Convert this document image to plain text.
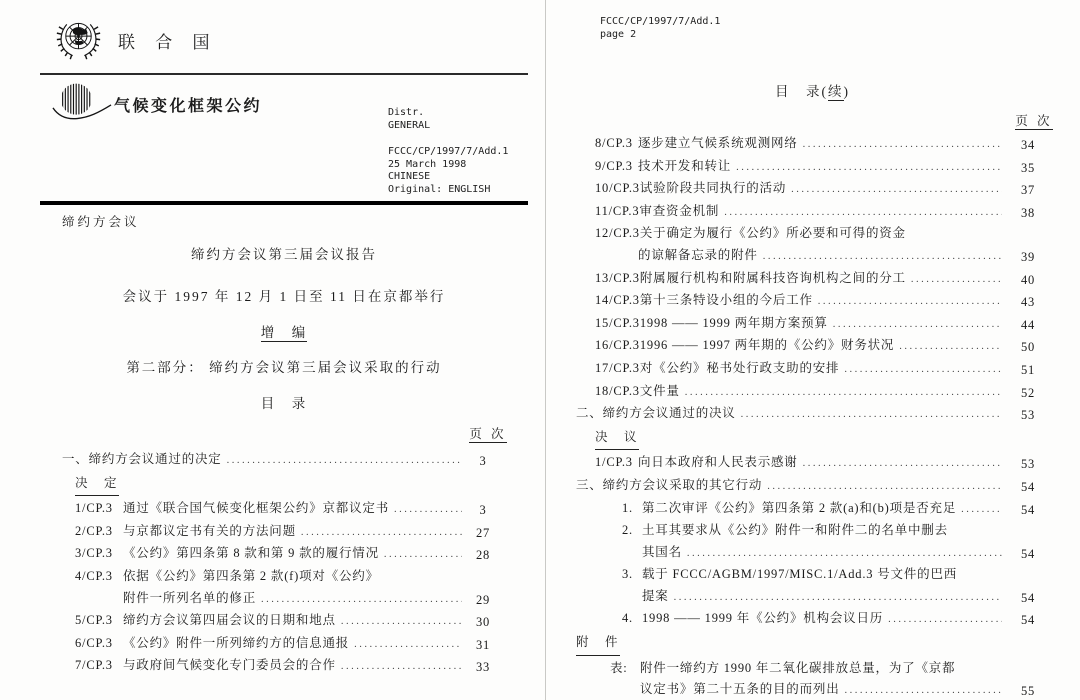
联 合 国
气候变化框架公约	Distr.
GENERAL
FCCC/CP/1997/7/Add.1
25 March 1998
CHINESE
Original: ENGLISH
缔约方会议
缔约方会议第三届会议报告
会议于 1997 年 12 月 1 日至 11 日在京都举行
增　编
第二部分： 缔约方会议第三届会议采取的行动
目　录
页 次
一、 缔约方会议通过的决定 .....	3
决　定
1/CP.3 通过《联合国气候变化框架公约》京都议定书 .....	3
2/CP.3 与京都议定书有关的方法问题 .....	27
3/CP.3 《公约》第四条第 8 款和第 9 款的履行情况 .....	28
4/CP.3 依据《公约》第四条第 2 款(f)项对《公约》
附件一所列名单的修正 .....	29
5/CP.3 缔约方会议第四届会议的日期和地点 .....	30
6/CP.3 《公约》附件一所列缔约方的信息通报 .....	31
7/CP.3 与政府间气候变化专门委员会的合作 .....	33
FCCC/CP/1997/7/Add.1
page 2
目　录(续)
页 次
8/CP.3 逐步建立气候系统观测网络 .....	34
9/CP.3 技术开发和转让 .....	35
10/CP.3 试验阶段共同执行的活动 .....	37
11/CP.3 审查资金机制 .....	38
12/CP.3 关于确定为履行《公约》所必要和可得的资金
的谅解备忘录的附件 .....	39
13/CP.3 附属履行机构和附属科技咨询机构之间的分工 .....	40
14/CP.3 第十三条特设小组的今后工作 .....	43
15/CP.3 1998 —— 1999 两年期方案预算 .....	44
16/CP.3 1996 —— 1997 两年期的《公约》财务状况 .....	50
17/CP.3 对《公约》秘书处行政支助的安排 .....	51
18/CP.3 文件量 .....	52
二、 缔约方会议通过的决议 .....	53
决　议
1/CP.3 向日本政府和人民表示感谢 .....	53
三、 缔约方会议采取的其它行动 .....	54
1. 第二次审评《公约》第四条第 2 款(a)和(b)项是否充足 .....	54
2. 土耳其要求从《公约》附件一和附件二的名单中删去
其国名 .....	54
3. 载于 FCCC/AGBM/1997/MISC.1/Add.3 号文件的巴西
提案 .....	54
4. 1998 —— 1999 年《公约》机构会议日历 .....	54
附　件
表: 附件一缔约方 1990 年二氧化碳排放总量，为了《京都
议定书》第二十五条的目的而列出 .....	55
